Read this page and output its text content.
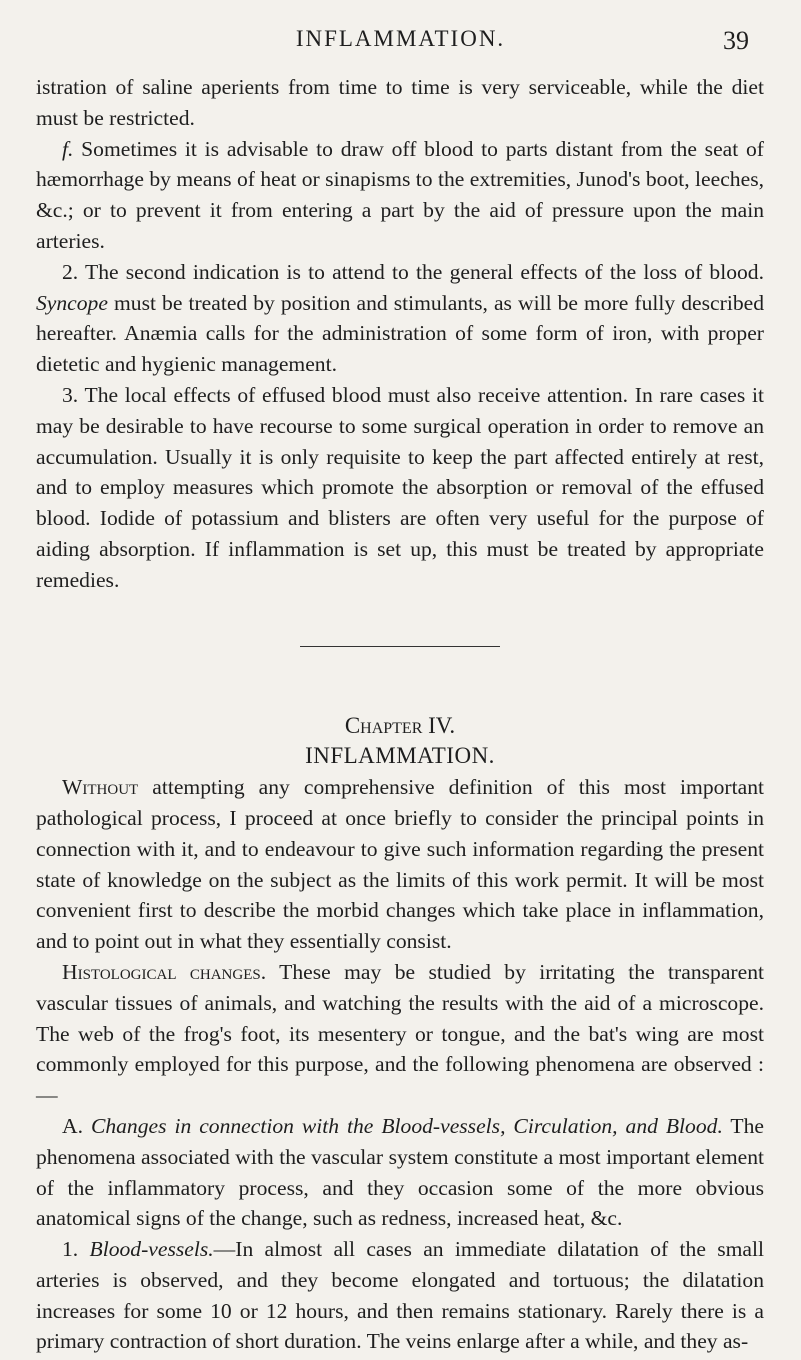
INFLAMMATION.	39

istration of saline aperients from time to time is very serviceable, while the diet must be restricted.

f. Sometimes it is advisable to draw off blood to parts distant from the seat of hæmorrhage by means of heat or sinapisms to the extremities, Junod's boot, leeches, &c.; or to prevent it from entering a part by the aid of pressure upon the main arteries.

2. The second indication is to attend to the general effects of the loss of blood. Syncope must be treated by position and stimulants, as will be more fully described hereafter. Anæmia calls for the administration of some form of iron, with proper dietetic and hygienic management.

3. The local effects of effused blood must also receive attention. In rare cases it may be desirable to have recourse to some surgical operation in order to remove an accumulation. Usually it is only requisite to keep the part affected entirely at rest, and to employ measures which promote the absorption or removal of the effused blood. Iodide of potassium and blisters are often very useful for the purpose of aiding absorption. If inflammation is set up, this must be treated by appropriate remedies.

Chapter IV.

INFLAMMATION.

Without attempting any comprehensive definition of this most important pathological process, I proceed at once briefly to consider the principal points in connection with it, and to endeavour to give such information regarding the present state of knowledge on the subject as the limits of this work permit. It will be most convenient first to describe the morbid changes which take place in inflammation, and to point out in what they essentially consist.

Histological changes. These may be studied by irritating the transparent vascular tissues of animals, and watching the results with the aid of a microscope. The web of the frog's foot, its mesentery or tongue, and the bat's wing are most commonly employed for this purpose, and the following phenomena are observed :—

A. Changes in connection with the Blood-vessels, Circulation, and Blood. The phenomena associated with the vascular system constitute a most important element of the inflammatory process, and they occasion some of the more obvious anatomical signs of the change, such as redness, increased heat, &c.

1. Blood-vessels.—In almost all cases an immediate dilatation of the small arteries is observed, and they become elongated and tortuous; the dilatation increases for some 10 or 12 hours, and then remains stationary. Rarely there is a primary contraction of short duration. The veins enlarge after a while, and they as-
